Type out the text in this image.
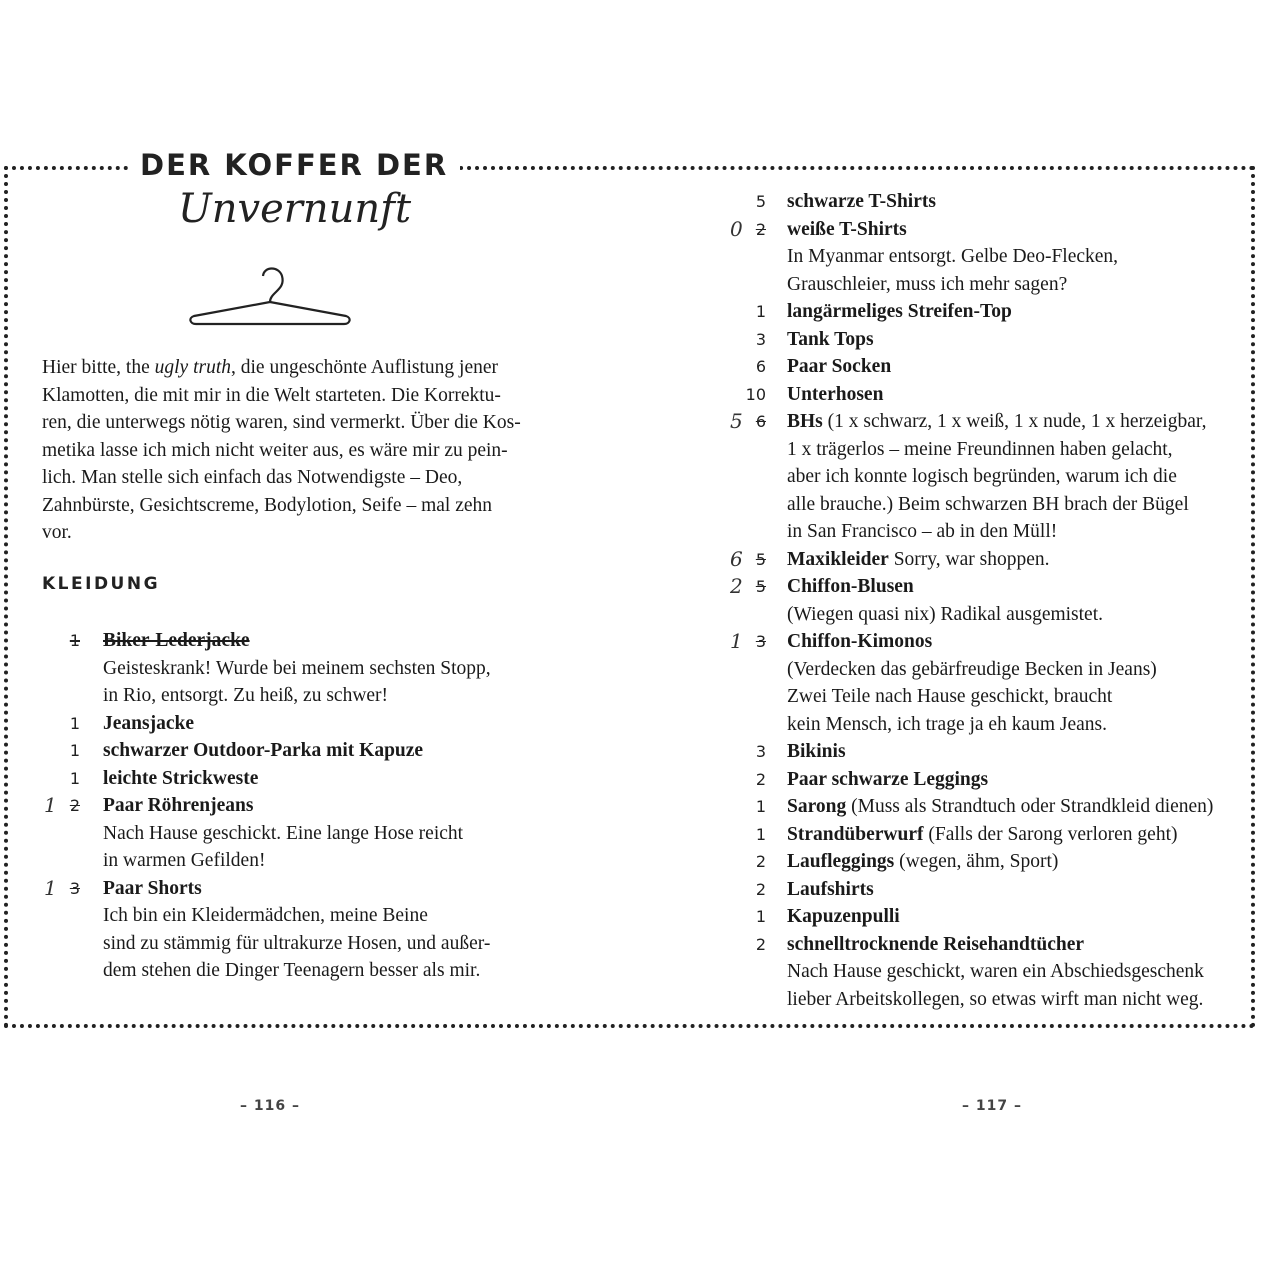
DER KOFFER DER
Unvernunft

Hier bitte, the ugly truth, die ungeschönte Auflistung jener
Klamotten, die mit mir in die Welt starteten. Die Korrektu-
ren, die unterwegs nötig waren, sind vermerkt. Über die Kos-
metika lasse ich mich nicht weiter aus, es wäre mir zu pein-
lich. Man stelle sich einfach das Notwendigste – Deo,
Zahnbürste, Gesichtscreme, Bodylotion, Seife – mal zehn
vor.

KLEIDUNG
1 Biker-Lederjacke
Geisteskrank! Wurde bei meinem sechsten Stopp,
in Rio, entsorgt. Zu heiß, zu schwer!
1 Jeansjacke
1 schwarzer Outdoor-Parka mit Kapuze
1 leichte Strickweste
2
1 Paar Röhrenjeans
Nach Hause geschickt. Eine lange Hose reicht
in warmen Gefilden!
3
1 Paar Shorts
Ich bin ein Kleidermädchen, meine Beine
sind zu stämmig für ultrakurze Hosen, und außer-
dem stehen die Dinger Teenagern besser als mir.
5 schwarze T-Shirts
2
0 weiße T-Shirts
In Myanmar entsorgt. Gelbe Deo-Flecken,
Grauschleier, muss ich mehr sagen?
1 langärmeliges Streifen-Top
3 Tank Tops
6 Paar Socken
10 Unterhosen
6
5 BHs (1 x schwarz, 1 x weiß, 1 x nude, 1 x herzeigbar,
1 x trägerlos – meine Freundinnen haben gelacht,
aber ich konnte logisch begründen, warum ich die
alle brauche.) Beim schwarzen BH brach der Bügel
in San Francisco – ab in den Müll!
5
6 Maxikleider Sorry, war shoppen.
5
2 Chiffon-Blusen
(Wiegen quasi nix) Radikal ausgemistet.
3
1 Chiffon-Kimonos
(Verdecken das gebärfreudige Becken in Jeans)
Zwei Teile nach Hause geschickt, braucht
kein Mensch, ich trage ja eh kaum Jeans.
3 Bikinis
2 Paar schwarze Leggings
1 Sarong (Muss als Strandtuch oder Strandkleid dienen)
1 Strandüberwurf (Falls der Sarong verloren geht)
2 Laufleggings (wegen, ähm, Sport)
2 Laufshirts
1 Kapuzenpulli
2 schnelltrocknende Reisehandtücher
Nach Hause geschickt, waren ein Abschiedsgeschenk
lieber Arbeitskollegen, so etwas wirft man nicht weg.
– 116 –	– 117 –
